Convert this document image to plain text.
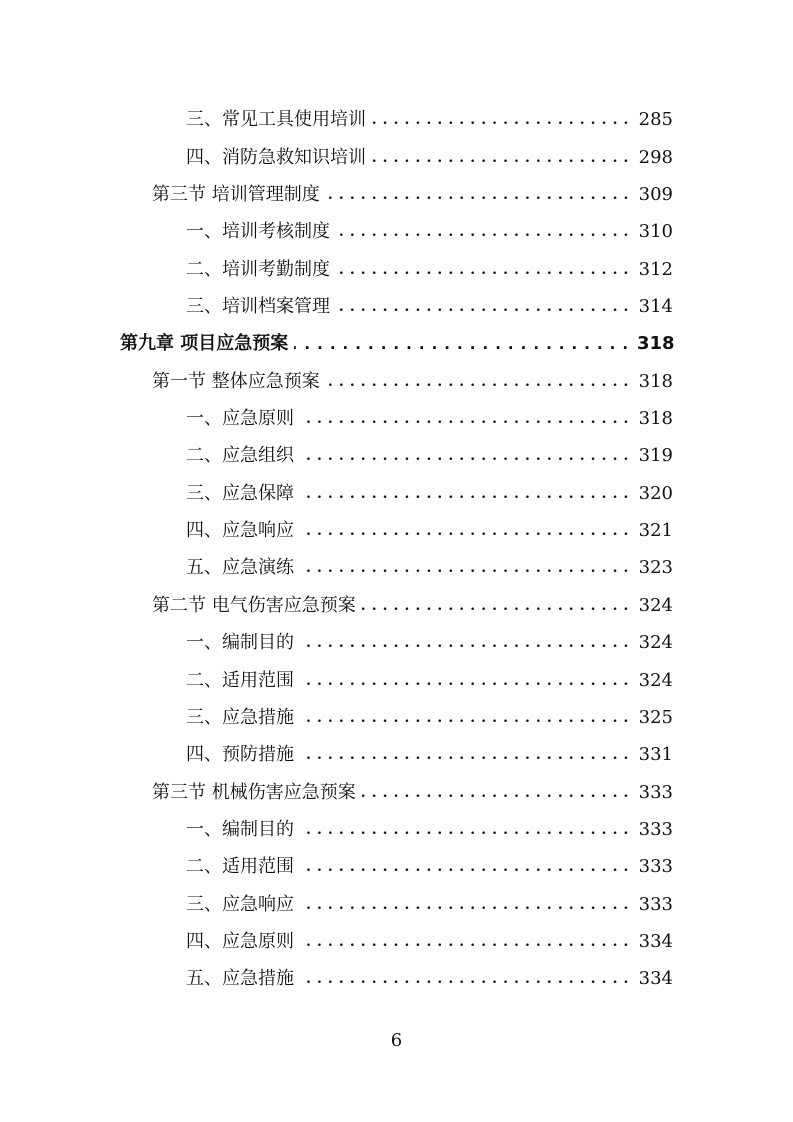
三、常见工具使用培训 . . .	285
四、消防急救知识培训 . . .	298
第三节 培训管理制度 . . .	309
一、培训考核制度 . . .	310
二、培训考勤制度 . . .	312
三、培训档案管理 . . .	314
第九章 项目应急预案 . . .	318
第一节 整体应急预案 . . .	318
一、应急原则 . . .	318
二、应急组织 . . .	319
三、应急保障 . . .	320
四、应急响应 . . .	321
五、应急演练 . . .	323
第二节 电气伤害应急预案 . . .	324
一、编制目的 . . .	324
二、适用范围 . . .	324
三、应急措施 . . .	325
四、预防措施 . . .	331
第三节 机械伤害应急预案 . . .	333
一、编制目的 . . .	333
二、适用范围 . . .	333
三、应急响应 . . .	333
四、应急原则 . . .	334
五、应急措施 . . .	334
6
